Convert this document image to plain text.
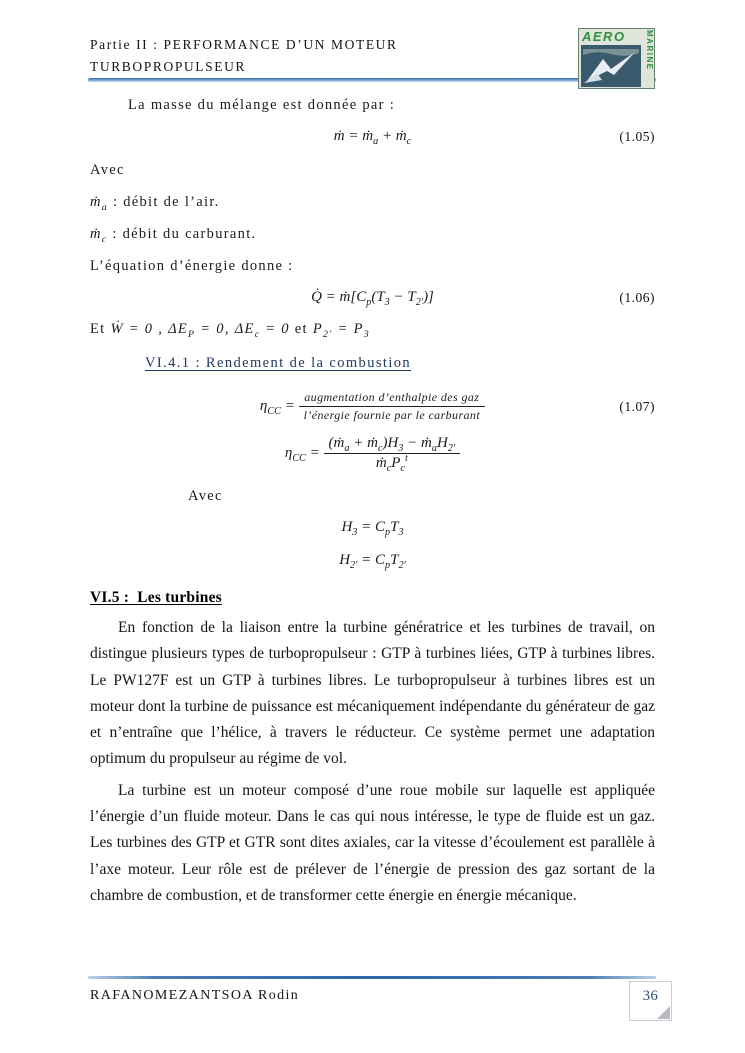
Partie II : PERFORMANCE D’UN MOTEUR
TURBOPROPULSEUR
AERO MARINE
La masse du mélange est donnée par :
ṁ = $ṁ_a$ + $ṁ_c$	(1.05)
Avec
$ṁ_a$ : débit de l’air.
$ṁ_c$ : débit du carburant.
L’équation d’énergie donne :
Q̇ = $ṁ[C_p(T_3 - T_{2'})]$	(1.06)
Et Ẇ = 0 , $\Delta E_P = 0$, $\Delta E_c = 0$ et $P_{2'} = P_3$
VI.4.1 : Rendement de la combustion
$\eta_{CC} = \frac{\text{augmentation d’enthalpie des gaz}}{\text{l’énergie fournie par le carburant}}$	(1.07)
$\eta_{CC} = \frac{(ṁ_a + ṁ_c)H_3 - ṁ_aH_{2'}}{ṁ_cP_c^t}$
Avec
$H_3 = C_pT_3$
$H_{2'} = C_pT_{2'}$
VI.5 :  Les turbines

En fonction de la liaison entre la turbine génératrice et les turbines de travail, on distingue plusieurs types de turbopropulseur : GTP à turbines liées, GTP à turbines libres. Le PW127F est un GTP à turbines libres. Le turbopropulseur à turbines libres est un moteur dont la turbine de puissance est mécaniquement indépendante du générateur de gaz et n’entraîne que l’hélice, à travers le réducteur. Ce système permet une adaptation optimum du propulseur au régime de vol.

La turbine est un moteur composé d’une roue mobile sur laquelle est appliquée l’énergie d’un fluide moteur. Dans le cas qui nous intéresse, le type de fluide est un gaz. Les turbines des GTP et GTR sont dites axiales, car la vitesse d’écoulement est parallèle à l’axe moteur. Leur rôle est de prélever de l’énergie de pression des gaz sortant de la chambre de combustion, et de transformer cette énergie en énergie mécanique.

RAFANOMEZANTSOA Rodin	36
